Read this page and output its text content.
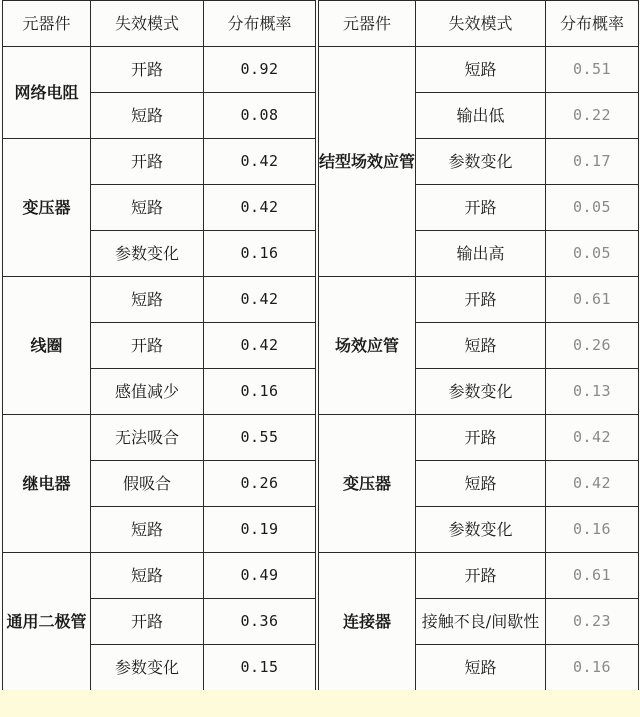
元器件	失效模式	分布概率
网络电阻	开路	0.92
	短路	0.08
变压器	开路	0.42
	短路	0.42
	参数变化	0.16
线圈	短路	0.42
	开路	0.42
	感值减少	0.16
继电器	无法吸合	0.55
	假吸合	0.26
	短路	0.19
通用二极管	短路	0.49
	开路	0.36
	参数变化	0.15
元器件	失效模式	分布概率
结型场效应管	短路	0.51
	输出低	0.22
	参数变化	0.17
	开路	0.05
	输出高	0.05
场效应管	开路	0.61
	短路	0.26
	参数变化	0.13
变压器	开路	0.42
	短路	0.42
	参数变化	0.16
连接器	开路	0.61
	接触不良/间歇性	0.23
	短路	0.16
